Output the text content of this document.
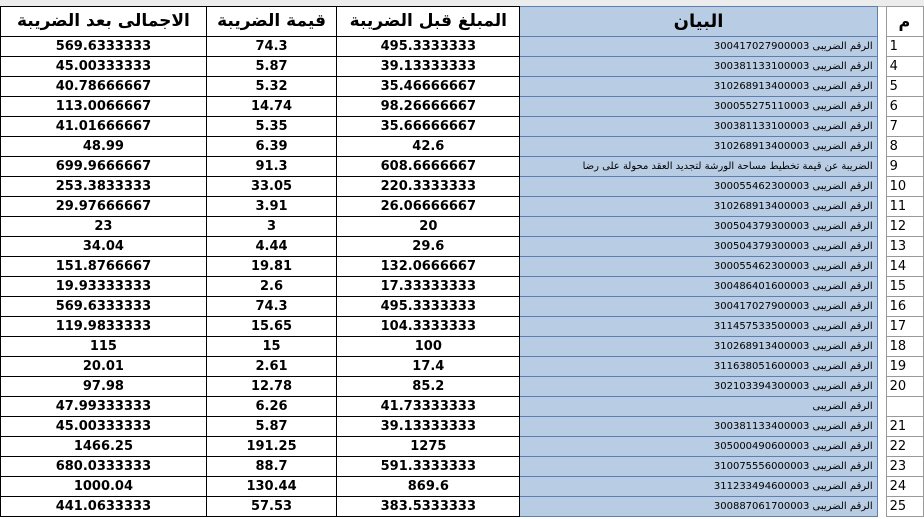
الاجمالى بعد الضريبة	قيمة الضريبة	المبلغ قبل الضريبة	البيان		م
569.6333333	74.3	495.3333333	الرقم الضريبى 300417027900003		1
45.00333333	5.87	39.13333333	الرقم الضريبى 300381133100003		4
40.78666667	5.32	35.46666667	الرقم الضريبى 310268913400003		5
113.0066667	14.74	98.26666667	الرقم الضريبى 300055275110003		6
41.01666667	5.35	35.66666667	الرقم الضريبى 300381133100003		7
48.99	6.39	42.6	الرقم الضريبى 310268913400003		8
699.9666667	91.3	608.6666667	الضريبة عن قيمة تخطيط مساحة الورشة لتجديد العقد محولة على رضا		9
253.3833333	33.05	220.3333333	الرقم الضريبى 300055462300003		10
29.97666667	3.91	26.06666667	الرقم الضريبى 310268913400003		11
23	3	20	الرقم الضريبى 300504379300003		12
34.04	4.44	29.6	الرقم الضريبى 300504379300003		13
151.8766667	19.81	132.0666667	الرقم الضريبى 300055462300003		14
19.93333333	2.6	17.33333333	الرقم الضريبى 300486401600003		15
569.6333333	74.3	495.3333333	الرقم الضريبى 300417027900003		16
119.9833333	15.65	104.3333333	الرقم الضريبى 311457533500003		17
115	15	100	الرقم الضريبى 310268913400003		18
20.01	2.61	17.4	الرقم الضريبى 311638051600003		19
97.98	12.78	85.2	الرقم الضريبى 302103394300003		20
47.99333333	6.26	41.73333333	الرقم الضريبى		
45.00333333	5.87	39.13333333	الرقم الضريبى 300381133400003		21
1466.25	191.25	1275	الرقم الضريبى 305000490600003		22
680.0333333	88.7	591.3333333	الرقم الضريبى 310075556000003		23
1000.04	130.44	869.6	الرقم الضريبى 311233494600003		24
441.0633333	57.53	383.5333333	الرقم الضريبى 300887061700003		25
